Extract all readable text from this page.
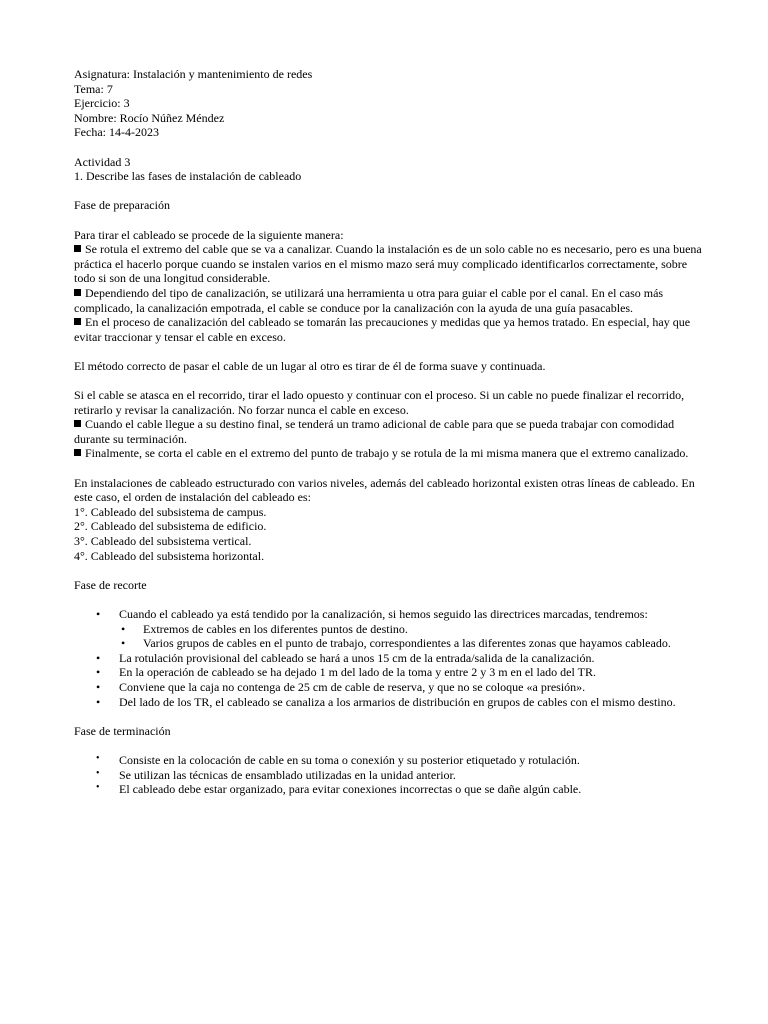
Asignatura: Instalación y mantenimiento de redes

Tema: 7

Ejercicio: 3

Nombre: Rocío Núñez Méndez

Fecha: 14-4-2023

Actividad 3

1. Describe las fases de instalación de cableado

Fase de preparación

Para tirar el cableado se procede de la siguiente manera:

Se rotula el extremo del cable que se va a canalizar. Cuando la instalación es de un solo cable no es necesario, pero es una buena práctica el hacerlo porque cuando se instalen varios en el mismo mazo será muy complicado identificarlos correctamente, sobre todo si son de una longitud considerable.

Dependiendo del tipo de canalización, se utilizará una herramienta u otra para guiar el cable por el canal. En el caso más complicado, la canalización empotrada, el cable se conduce por la canalización con la ayuda de una guía pasacables.

En el proceso de canalización del cableado se tomarán las precauciones y medidas que ya hemos tratado. En especial, hay que evitar traccionar y tensar el cable en exceso.

El método correcto de pasar el cable de un lugar al otro es tirar de él de forma suave y continuada.

Si el cable se atasca en el recorrido, tirar el lado opuesto y continuar con el proceso. Si un cable no puede finalizar el recorrido, retirarlo y revisar la canalización. No forzar nunca el cable en exceso.

Cuando el cable llegue a su destino final, se tenderá un tramo adicional de cable para que se pueda trabajar con comodidad durante su terminación.

Finalmente, se corta el cable en el extremo del punto de trabajo y se rotula de la mi misma manera que el extremo canalizado.

En instalaciones de cableado estructurado con varios niveles, además del cableado horizontal existen otras líneas de cableado. En este caso, el orden de instalación del cableado es:

1°. Cableado del subsistema de campus.

2°. Cableado del subsistema de edificio.

3°. Cableado del subsistema vertical.

4°. Cableado del subsistema horizontal.

Fase de recorte

• Cuando el cableado ya está tendido por la canalización, si hemos seguido las directrices marcadas, tendremos:
• Extremos de cables en los diferentes puntos de destino.
• Varios grupos de cables en el punto de trabajo, correspondientes a las diferentes zonas que hayamos cableado.
• La rotulación provisional del cableado se hará a unos 15 cm de la entrada/salida de la canalización.
• En la operación de cableado se ha dejado 1 m del lado de la toma y entre 2 y 3 m en el lado del TR.
• Conviene que la caja no contenga de 25 cm de cable de reserva, y que no se coloque «a presión».
• Del lado de los TR, el cableado se canaliza a los armarios de distribución en grupos de cables con el mismo destino.

Fase de terminación

• Consiste en la colocación de cable en su toma o conexión y su posterior etiquetado y rotulación.
• Se utilizan las técnicas de ensamblado utilizadas en la unidad anterior.
• El cableado debe estar organizado, para evitar conexiones incorrectas o que se dañe algún cable.
